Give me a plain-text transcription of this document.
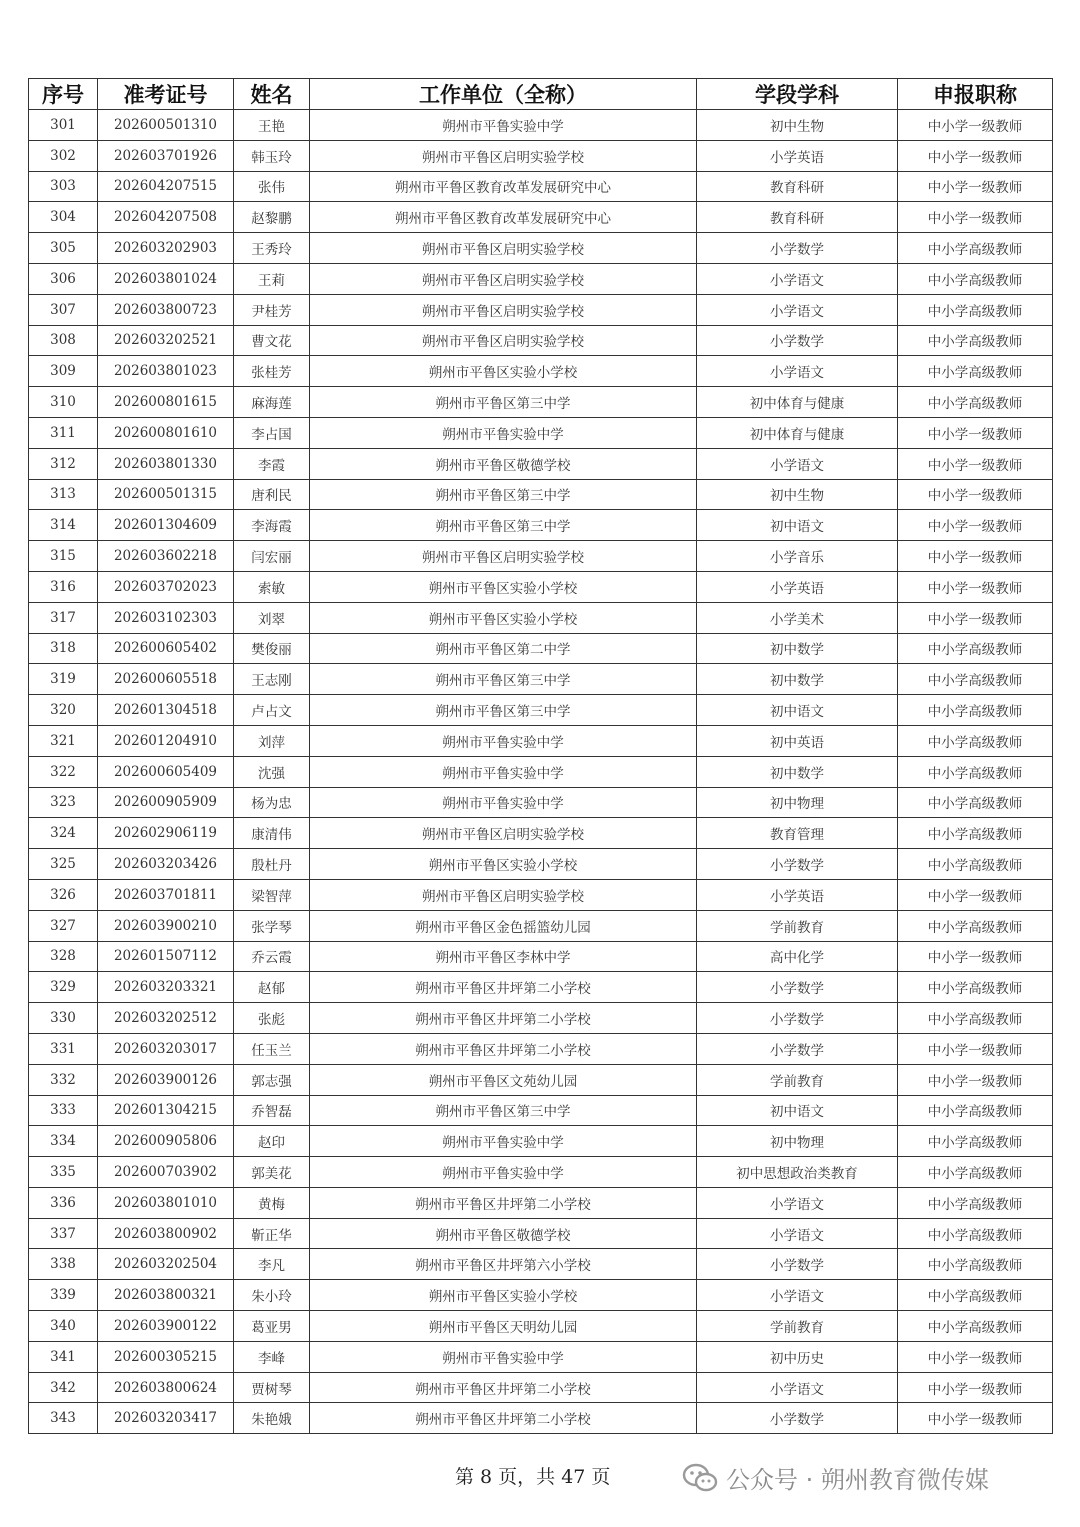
序号	准考证号	姓名	工作单位（全称）	学段学科	申报职称
301	202600501310	王艳	朔州市平鲁实验中学	初中生物	中小学一级教师
302	202603701926	韩玉玲	朔州市平鲁区启明实验学校	小学英语	中小学一级教师
303	202604207515	张伟	朔州市平鲁区教育改革发展研究中心	教育科研	中小学一级教师
304	202604207508	赵黎鹏	朔州市平鲁区教育改革发展研究中心	教育科研	中小学一级教师
305	202603202903	王秀玲	朔州市平鲁区启明实验学校	小学数学	中小学高级教师
306	202603801024	王莉	朔州市平鲁区启明实验学校	小学语文	中小学高级教师
307	202603800723	尹桂芳	朔州市平鲁区启明实验学校	小学语文	中小学高级教师
308	202603202521	曹文花	朔州市平鲁区启明实验学校	小学数学	中小学高级教师
309	202603801023	张桂芳	朔州市平鲁区实验小学校	小学语文	中小学高级教师
310	202600801615	麻海莲	朔州市平鲁区第三中学	初中体育与健康	中小学高级教师
311	202600801610	李占国	朔州市平鲁实验中学	初中体育与健康	中小学一级教师
312	202603801330	李霞	朔州市平鲁区敬德学校	小学语文	中小学一级教师
313	202600501315	唐利民	朔州市平鲁区第三中学	初中生物	中小学一级教师
314	202601304609	李海霞	朔州市平鲁区第三中学	初中语文	中小学一级教师
315	202603602218	闫宏丽	朔州市平鲁区启明实验学校	小学音乐	中小学一级教师
316	202603702023	索敏	朔州市平鲁区实验小学校	小学英语	中小学一级教师
317	202603102303	刘翠	朔州市平鲁区实验小学校	小学美术	中小学一级教师
318	202600605402	樊俊丽	朔州市平鲁区第二中学	初中数学	中小学高级教师
319	202600605518	王志刚	朔州市平鲁区第三中学	初中数学	中小学高级教师
320	202601304518	卢占文	朔州市平鲁区第三中学	初中语文	中小学高级教师
321	202601204910	刘萍	朔州市平鲁实验中学	初中英语	中小学高级教师
322	202600605409	沈强	朔州市平鲁实验中学	初中数学	中小学高级教师
323	202600905909	杨为忠	朔州市平鲁实验中学	初中物理	中小学高级教师
324	202602906119	康清伟	朔州市平鲁区启明实验学校	教育管理	中小学高级教师
325	202603203426	殷杜丹	朔州市平鲁区实验小学校	小学数学	中小学高级教师
326	202603701811	梁智萍	朔州市平鲁区启明实验学校	小学英语	中小学一级教师
327	202603900210	张学琴	朔州市平鲁区金色摇篮幼儿园	学前教育	中小学高级教师
328	202601507112	乔云霞	朔州市平鲁区李林中学	高中化学	中小学一级教师
329	202603203321	赵郁	朔州市平鲁区井坪第二小学校	小学数学	中小学高级教师
330	202603202512	张彪	朔州市平鲁区井坪第二小学校	小学数学	中小学高级教师
331	202603203017	任玉兰	朔州市平鲁区井坪第二小学校	小学数学	中小学一级教师
332	202603900126	郭志强	朔州市平鲁区文苑幼儿园	学前教育	中小学一级教师
333	202601304215	乔智磊	朔州市平鲁区第三中学	初中语文	中小学高级教师
334	202600905806	赵印	朔州市平鲁实验中学	初中物理	中小学高级教师
335	202600703902	郭美花	朔州市平鲁实验中学	初中思想政治类教育	中小学高级教师
336	202603801010	黄梅	朔州市平鲁区井坪第二小学校	小学语文	中小学高级教师
337	202603800902	靳正华	朔州市平鲁区敬德学校	小学语文	中小学高级教师
338	202603202504	李凡	朔州市平鲁区井坪第六小学校	小学数学	中小学高级教师
339	202603800321	朱小玲	朔州市平鲁区实验小学校	小学语文	中小学高级教师
340	202603900122	葛亚男	朔州市平鲁区天明幼儿园	学前教育	中小学高级教师
341	202600305215	李峰	朔州市平鲁实验中学	初中历史	中小学一级教师
342	202603800624	贾树琴	朔州市平鲁区井坪第二小学校	小学语文	中小学一级教师
343	202603203417	朱艳娥	朔州市平鲁区井坪第二小学校	小学数学	中小学一级教师
第 8 页，共 47 页	公众号 · 朔州教育微传媒
